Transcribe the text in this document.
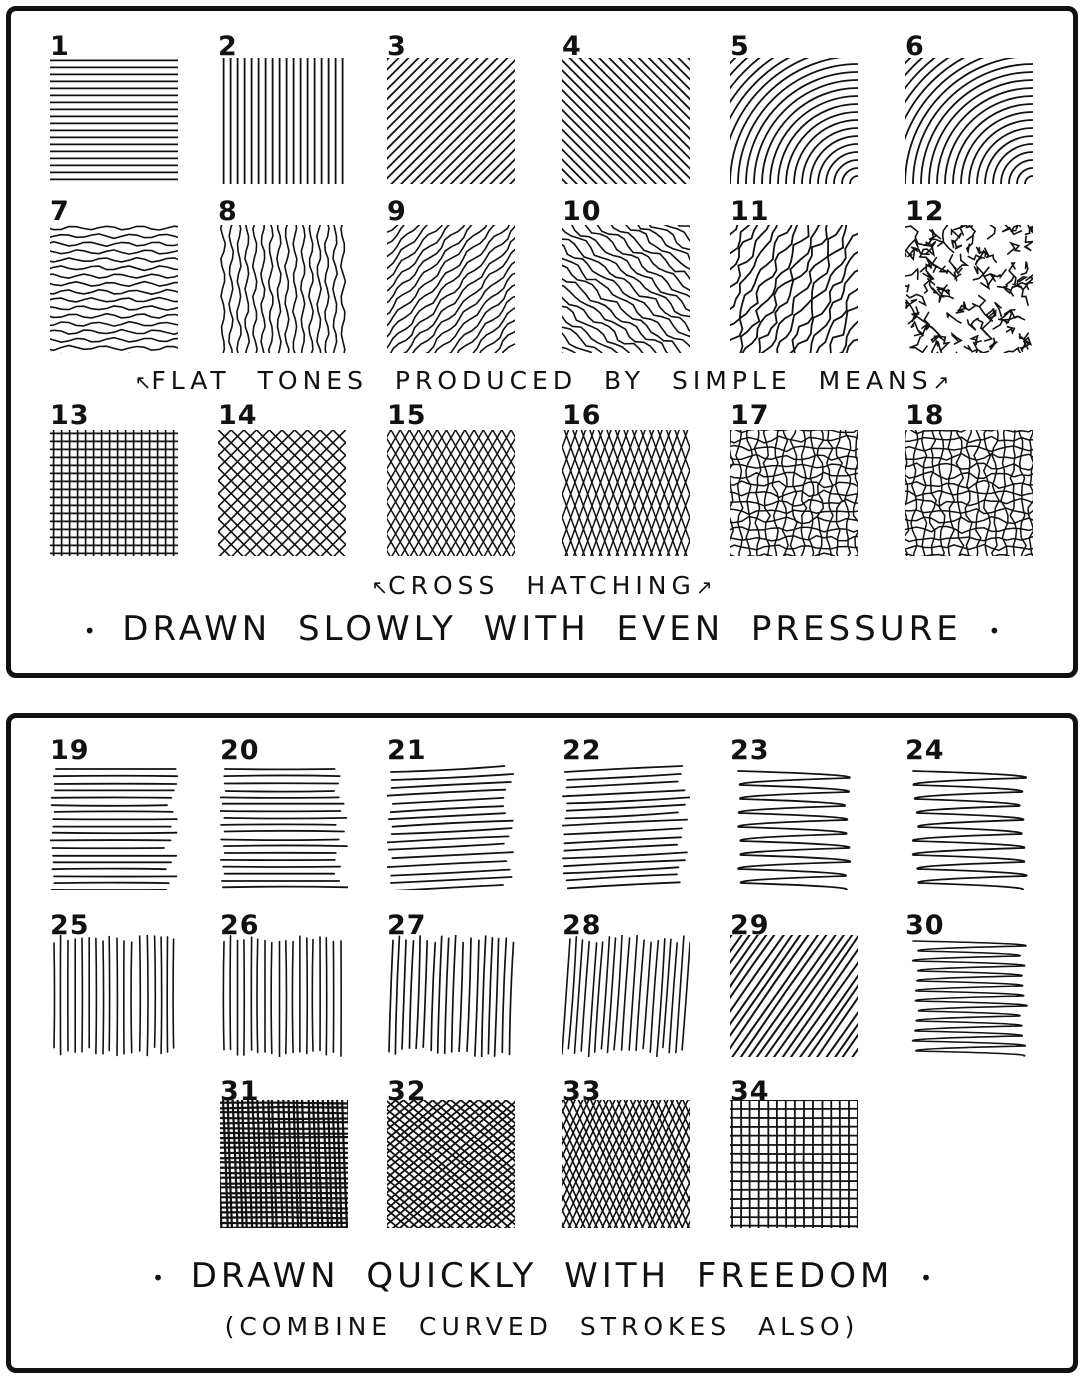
1	2	3	4	5	6
7	8	9	10	11	12
13	14	15	16	17	18
19	20	21	22	23	24
25	26	27	28	29	30
31	32	33	34
↖FLAT TONES PRODUCED BY SIMPLE MEANS↗
↖CROSS HATCHING↗
• DRAWN SLOWLY WITH EVEN PRESSURE •
• DRAWN QUICKLY WITH FREEDOM •
(COMBINE CURVED STROKES ALSO)
